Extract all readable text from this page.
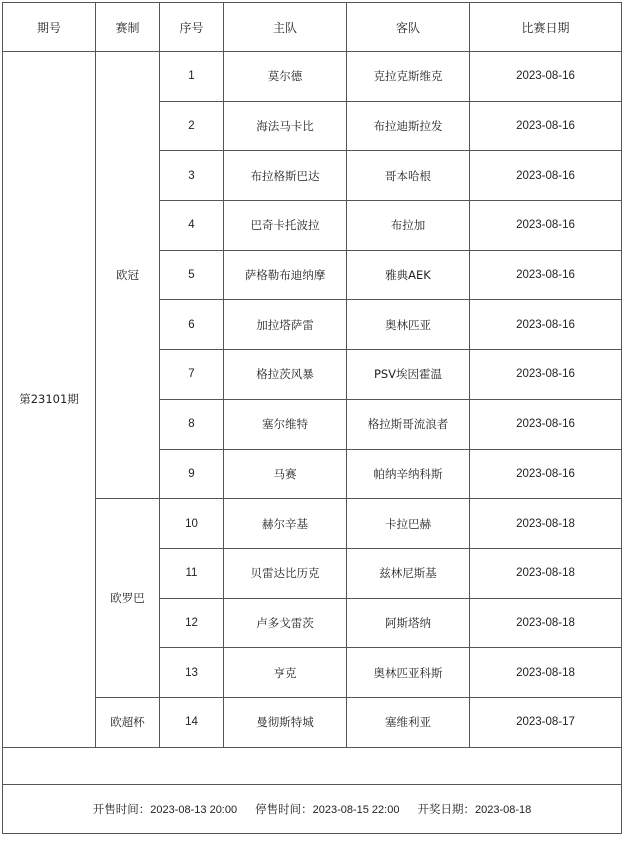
期号	赛制	序号	主队	客队	比赛日期
第23101期	欧冠	1	莫尔德	克拉克斯维克	2023-08-16
		2	海法马卡比	布拉迪斯拉发	2023-08-16
		3	布拉格斯巴达	哥本哈根	2023-08-16
		4	巴奇卡托波拉	布拉加	2023-08-16
		5	萨格勒布迪纳摩	雅典AEK	2023-08-16
		6	加拉塔萨雷	奥林匹亚	2023-08-16
		7	格拉茨风暴	PSV埃因霍温	2023-08-16
		8	塞尔维特	格拉斯哥流浪者	2023-08-16
		9	马赛	帕纳辛纳科斯	2023-08-16
	欧罗巴	10	赫尔辛基	卡拉巴赫	2023-08-18
		11	贝雷达比历克	兹林尼斯基	2023-08-18
		12	卢多戈雷茨	阿斯塔纳	2023-08-18
		13	亨克	奥林匹亚科斯	2023-08-18
	欧超杯	14	曼彻斯特城	塞维利亚	2023-08-17

开售时间：2023-08-13 20:00 停售时间：2023-08-15 22:00 开奖日期：2023-08-18					
